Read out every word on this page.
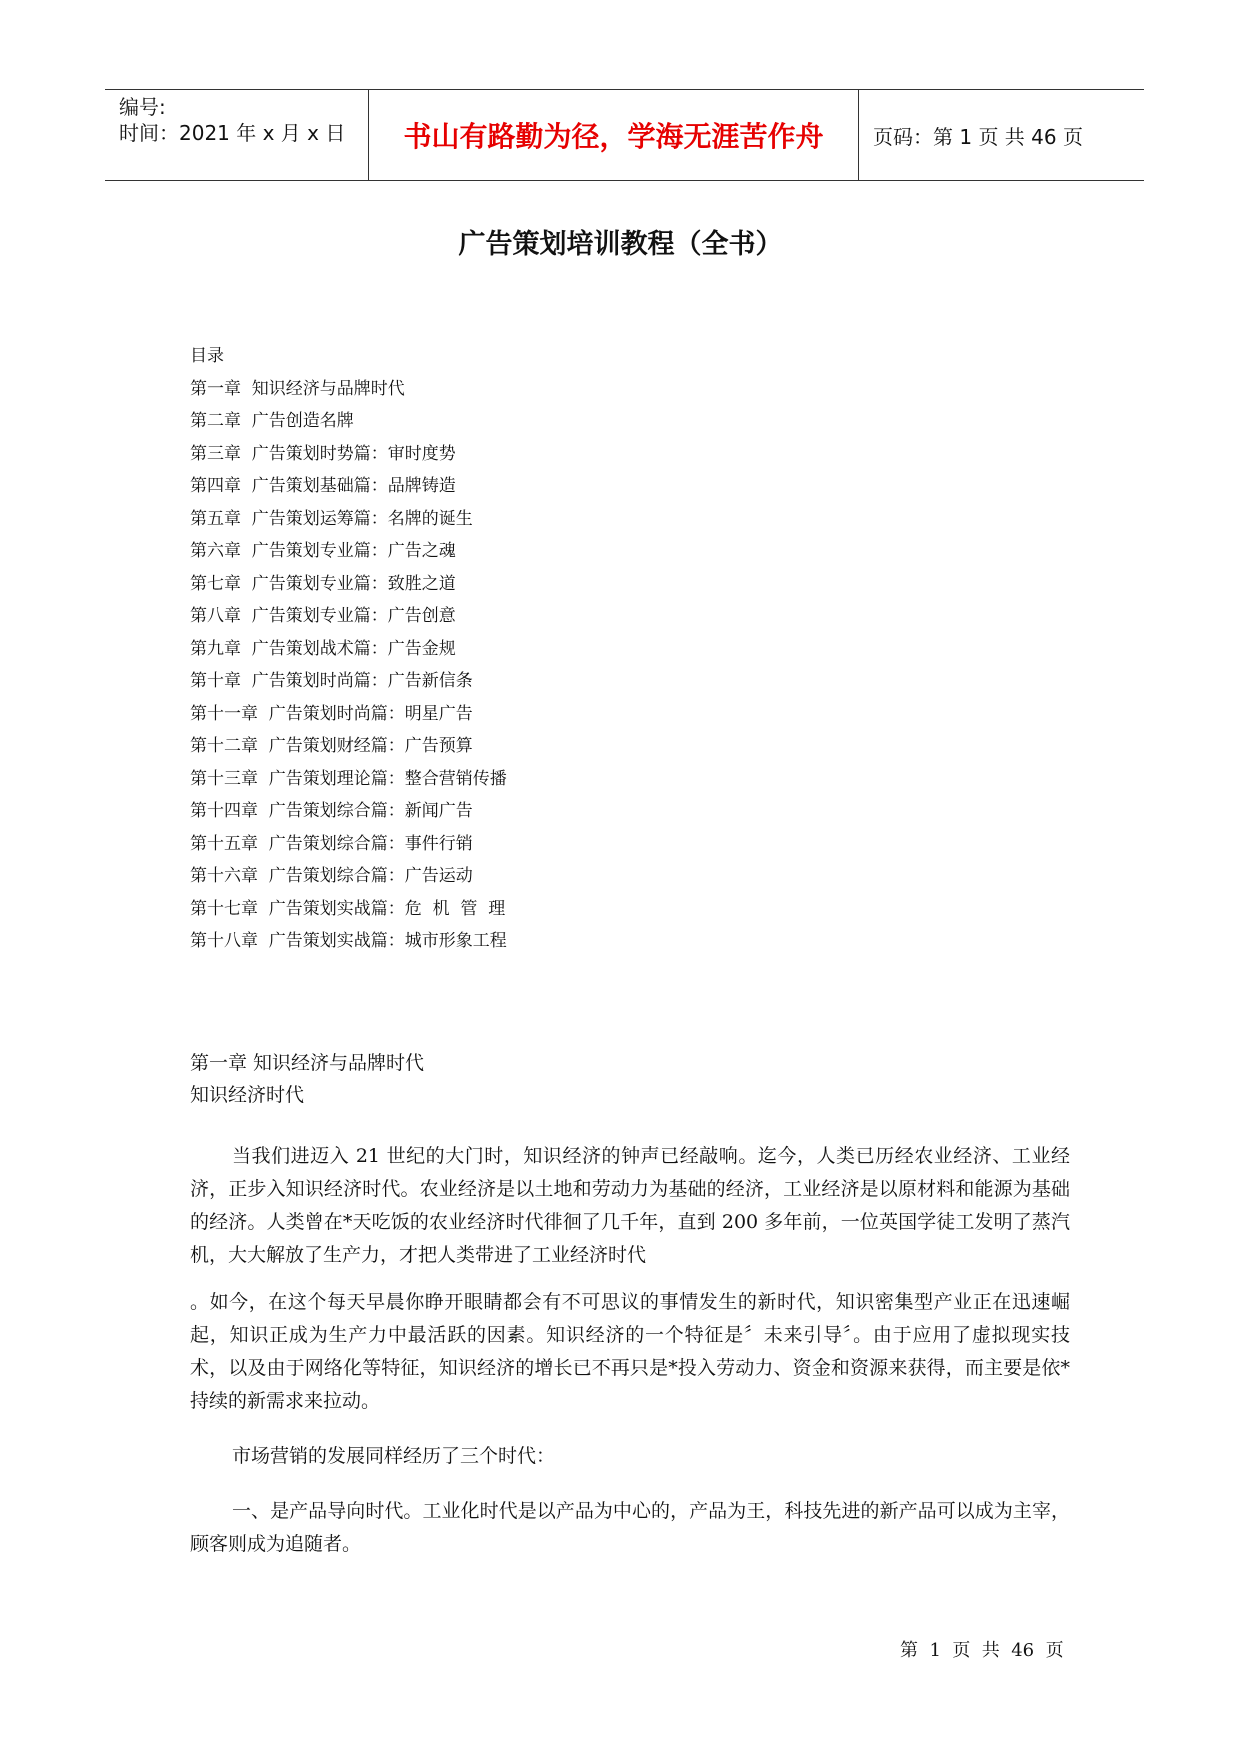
编号:
时间：2021 年 x 月 x 日	书山有路勤为径，学海无涯苦作舟	页码：第 1 页 共 46 页
广告策划培训教程（全书）
目录
第一章  知识经济与品牌时代
第二章  广告创造名牌
第三章  广告策划时势篇：审时度势
第四章  广告策划基础篇：品牌铸造
第五章  广告策划运筹篇：名牌的诞生
第六章  广告策划专业篇：广告之魂
第七章  广告策划专业篇：致胜之道
第八章  广告策划专业篇：广告创意
第九章  广告策划战术篇：广告金规
第十章  广告策划时尚篇：广告新信条
第十一章  广告策划时尚篇：明星广告
第十二章  广告策划财经篇：广告预算
第十三章  广告策划理论篇：整合营销传播
第十四章  广告策划综合篇：新闻广告
第十五章  广告策划综合篇：事件行销
第十六章  广告策划综合篇：广告运动
第十七章  广告策划实战篇：危  机  管  理
第十八章  广告策划实战篇：城市形象工程
第一章 知识经济与品牌时代
知识经济时代

当我们进迈入 21 世纪的大门时，知识经济的钟声已经敲响。迄今，人类已历经农业经济、工业经济，正步入知识经济时代。农业经济是以土地和劳动力为基础的经济，工业经济是以原材料和能源为基础的经济。人类曾在*天吃饭的农业经济时代徘徊了几千年，直到 200 多年前，一位英国学徒工发明了蒸汽机，大大解放了生产力，才把人类带进了工业经济时代

。如今，在这个每天早晨你睁开眼睛都会有不可思议的事情发生的新时代，知识密集型产业正在迅速崛起，知识正成为生产力中最活跃的因素。知识经济的一个特征是〞未来引导〞。由于应用了虚拟现实技术，以及由于网络化等特征，知识经济的增长已不再只是*投入劳动力、资金和资源来获得，而主要是依*持续的新需求来拉动。

市场营销的发展同样经历了三个时代：

一、是产品导向时代。工业化时代是以产品为中心的，产品为王，科技先进的新产品可以成为主宰，顾客则成为追随者。

第  1  页  共  46  页
